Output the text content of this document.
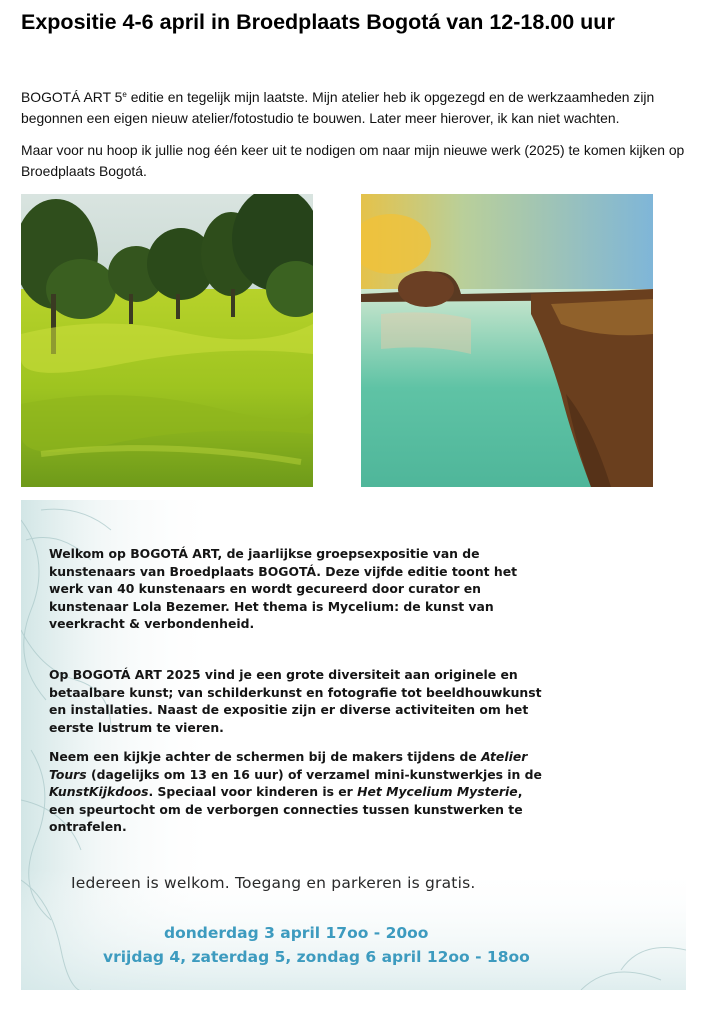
Expositie 4-6 april in Broedplaats Bogotá van 12-18.00 uur
BOGOTÁ ART 5e editie en tegelijk mijn laatste. Mijn atelier heb ik opgezegd en de werkzaamheden zijn begonnen een eigen nieuw atelier/fotostudio te bouwen. Later meer hierover, ik kan niet wachten.
Maar voor nu hoop ik jullie nog één keer uit te nodigen om naar mijn nieuwe werk (2025) te komen kijken op Broedplaats Bogotá.
Welkom op BOGOTÁ ART, de jaarlijkse groepsexpositie van de kunstenaars van Broedplaats BOGOTÁ. Deze vijfde editie toont het werk van 40 kunstenaars en wordt gecureerd door curator en kunstenaar Lola Bezemer. Het thema is Mycelium: de kunst van veerkracht & verbondenheid.
Op BOGOTÁ ART 2025 vind je een grote diversiteit aan originele en betaalbare kunst; van schilderkunst en fotografie tot beeldhouwkunst en installaties. Naast de expositie zijn er diverse activiteiten om het eerste lustrum te vieren.
Neem een kijkje achter de schermen bij de makers tijdens de Atelier Tours (dagelijks om 13 en 16 uur) of verzamel mini-kunstwerkjes in de KunstKijkdoos. Speciaal voor kinderen is er Het Mycelium Mysterie, een speurtocht om de verborgen connecties tussen kunstwerken te ontrafelen.
Iedereen is welkom. Toegang en parkeren is gratis.
donderdag 3 april 17oo - 20oo
vrijdag 4, zaterdag 5, zondag 6 april 12oo - 18oo
